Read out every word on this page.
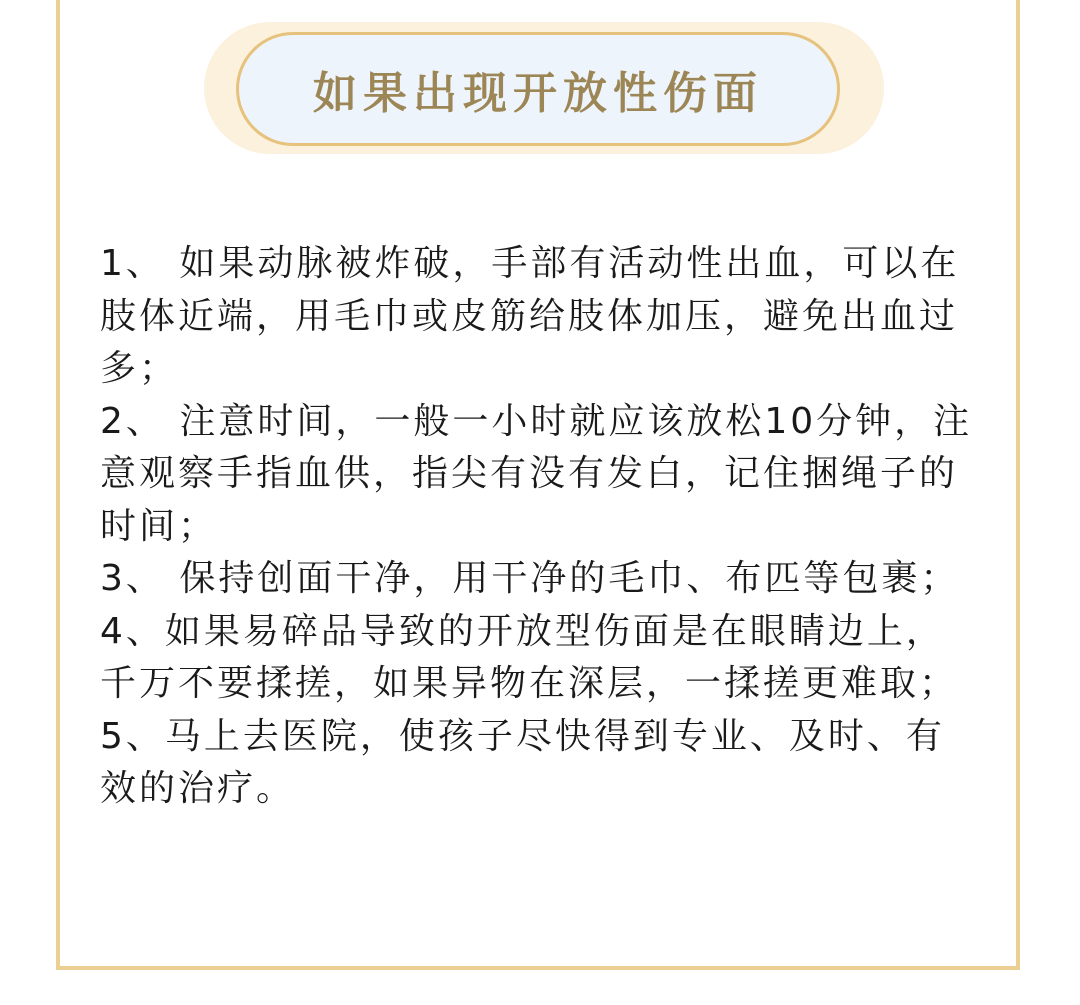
如果出现开放性伤面

1、 如果动脉被炸破，手部有活动性出血，可以在肢体近端，用毛巾或皮筋给肢体加压，避免出血过多；

2、 注意时间，一般一小时就应该放松10分钟，注意观察手指血供，指尖有没有发白，记住捆绳子的时间；

3、 保持创面干净，用干净的毛巾、布匹等包裹；

4、如果易碎品导致的开放型伤面是在眼睛边上，千万不要揉搓，如果异物在深层，一揉搓更难取；

5、马上去医院，使孩子尽快得到专业、及时、有效的治疗。
